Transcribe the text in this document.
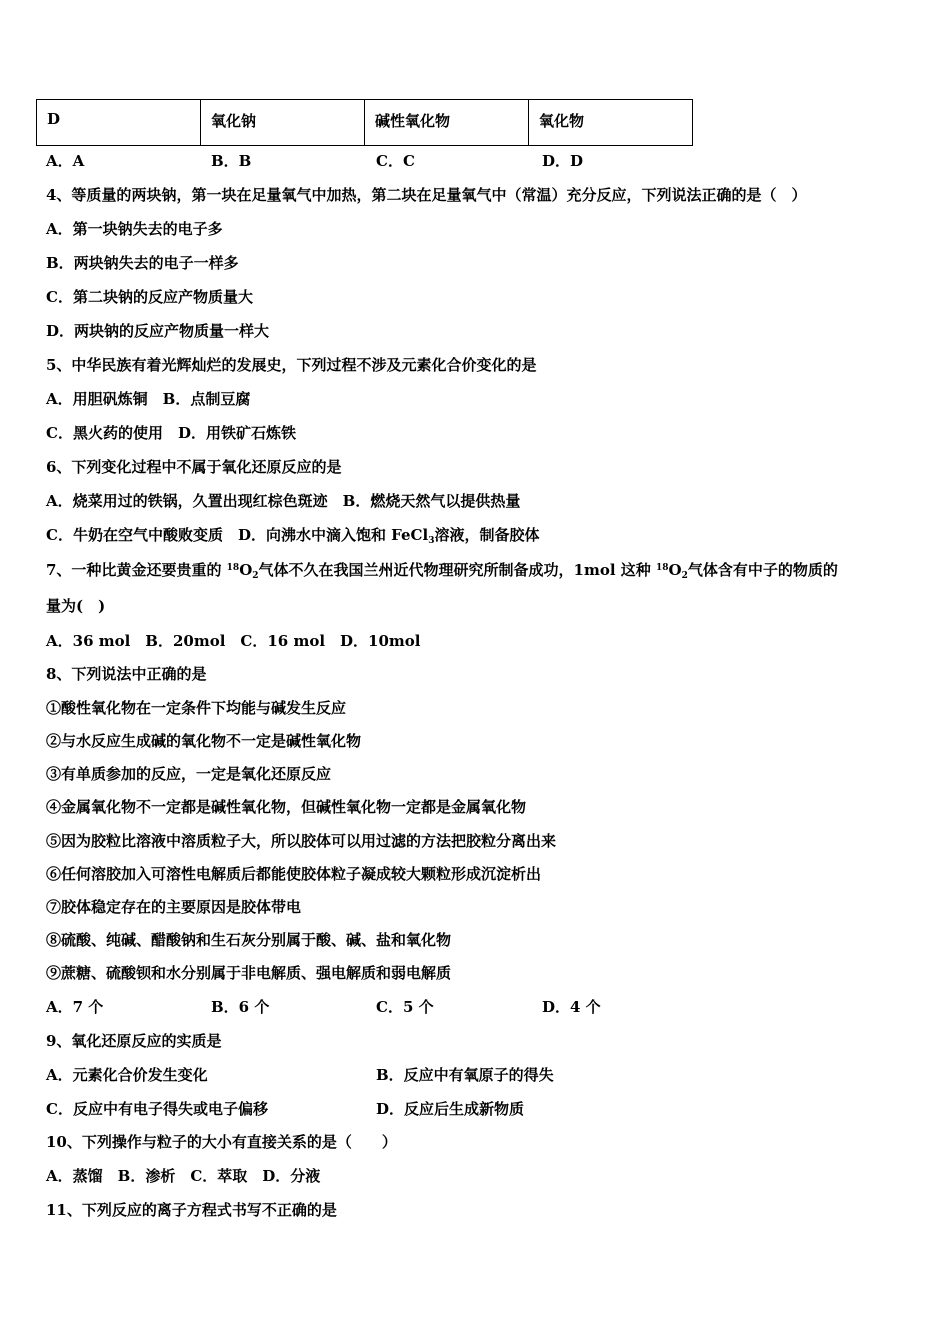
D	氧化钠	碱性氧化物	氧化物
A．A	B．B	C．C	D．D
4、等质量的两块钠，第一块在足量氧气中加热，第二块在足量氧气中（常温）充分反应，下列说法正确的是（　）
A．第一块钠失去的电子多
B．两块钠失去的电子一样多
C．第二块钠的反应产物质量大
D．两块钠的反应产物质量一样大
5、中华民族有着光辉灿烂的发展史，下列过程不涉及元素化合价变化的是
A．用胆矾炼铜　B．点制豆腐
C．黑火药的使用　D．用铁矿石炼铁
6、下列变化过程中不属于氧化还原反应的是
A．烧菜用过的铁锅，久置出现红棕色斑迹　B．燃烧天然气以提供热量
C．牛奶在空气中酸败变质　D．向沸水中滴入饱和 FeCl$_3$溶液，制备胶体
7、一种比黄金还要贵重的 $^{18}O_2$气体不久在我国兰州近代物理研究所制备成功，1mol 这种 $^{18}O_2$气体含有中子的物质的
量为(　)
A．36 mol　B．20mol　C．16 mol　D．10mol
8、下列说法中正确的是
①酸性氧化物在一定条件下均能与碱发生反应
②与水反应生成碱的氧化物不一定是碱性氧化物
③有单质参加的反应，一定是氧化还原反应
④金属氧化物不一定都是碱性氧化物，但碱性氧化物一定都是金属氧化物
⑤因为胶粒比溶液中溶质粒子大，所以胶体可以用过滤的方法把胶粒分离出来
⑥任何溶胶加入可溶性电解质后都能使胶体粒子凝成较大颗粒形成沉淀析出
⑦胶体稳定存在的主要原因是胶体带电
⑧硫酸、纯碱、醋酸钠和生石灰分别属于酸、碱、盐和氧化物
⑨蔗糖、硫酸钡和水分别属于非电解质、强电解质和弱电解质
A．7 个	B．6 个	C．5 个	D．4 个
9、氧化还原反应的实质是
A．元素化合价发生变化	B．反应中有氧原子的得失
C．反应中有电子得失或电子偏移	D．反应后生成新物质
10、下列操作与粒子的大小有直接关系的是（　　）
A．蒸馏　B．渗析　C．萃取　D．分液
11、下列反应的离子方程式书写不正确的是
